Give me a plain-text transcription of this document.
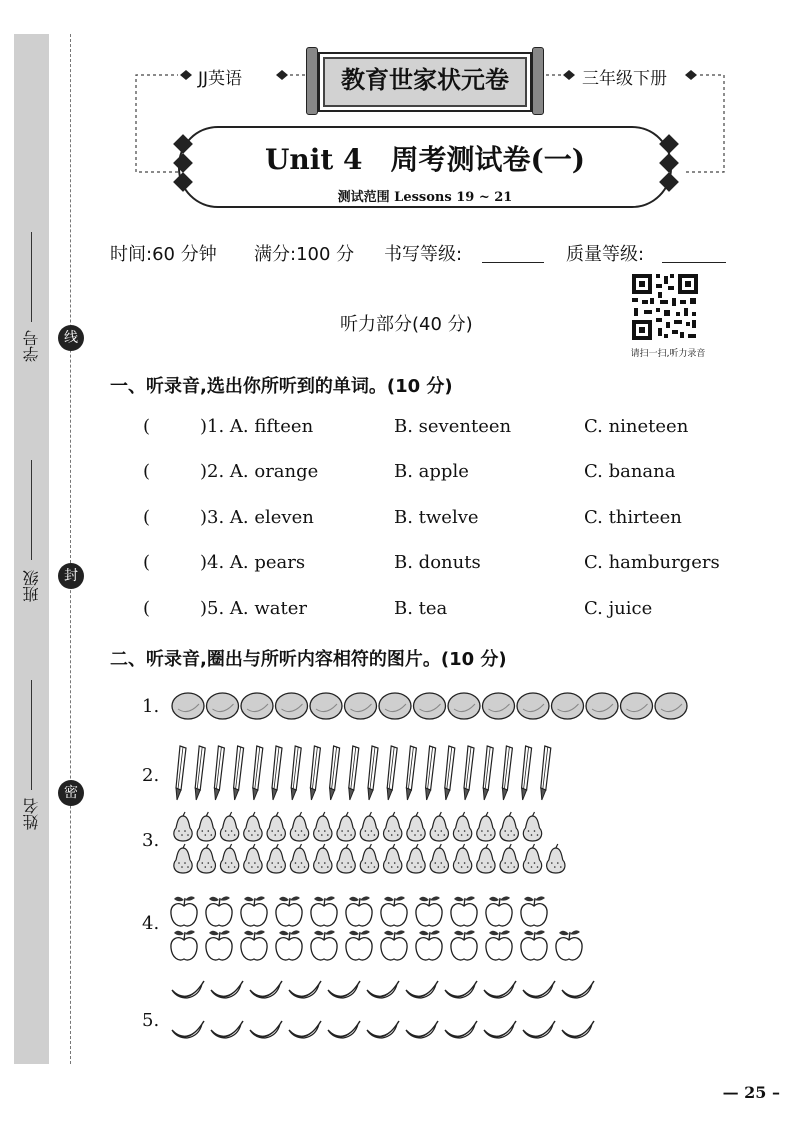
学号
班级
姓名
线
封
密
JJ英语	三年级下册
教育世家状元卷
Unit 4　周考测试卷(一)
测试范围 Lessons 19 ~ 21
时间:60 分钟 满分:100 分 书写等级:	质量等级:
请扫一扫,听力录音
听力部分(40 分)
一、听录音,选出你所听到的单词。(10 分)
(	)1. A. fifteen	B. seventeen	C. nineteen
(	)2. A. orange	B. apple	C. banana
(	)3. A. eleven	B. twelve	C. thirteen
(	)4. A. pears	B. donuts	C. hamburgers
(	)5. A. water	B. tea	C. juice
二、听录音,圈出与所听内容相符的图片。(10 分)
1.
2.
3.
4.
5.
— 25 –
